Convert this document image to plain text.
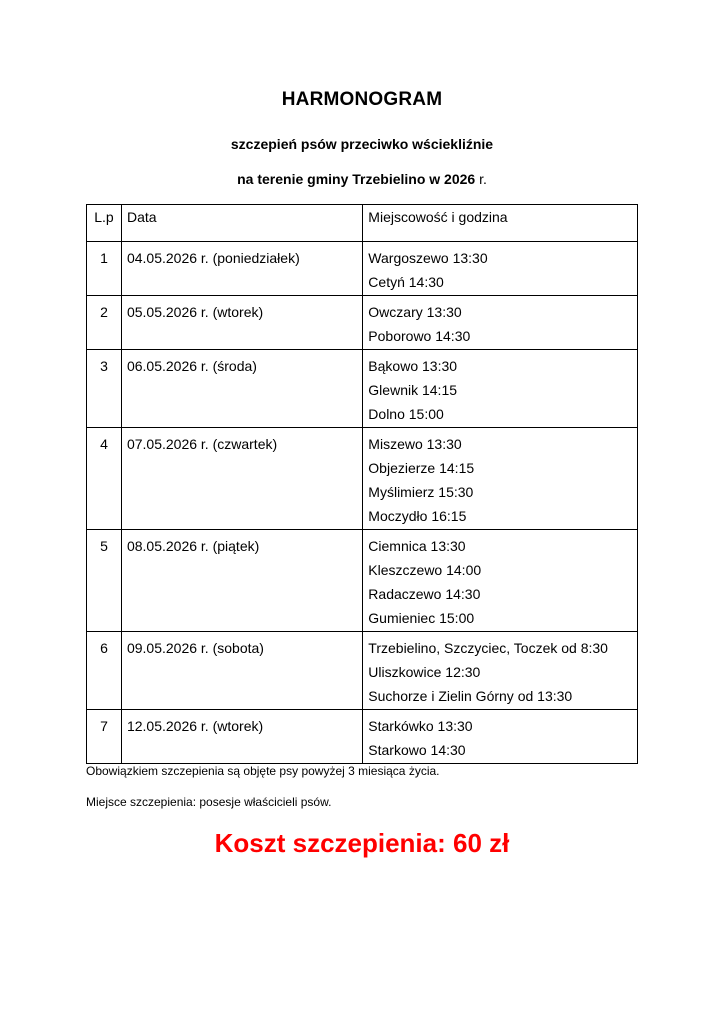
HARMONOGRAM
szczepień psów przeciwko wściekliźnie
na terenie gminy Trzebielino w 2026 r.
L.p	Data	Miejscowość i godzina

1	04.05.2026 r. (poniedziałek)	Wargoszewo 13:30
Cetyń 14:30

2	05.05.2026 r. (wtorek)	Owczary 13:30
Poborowo 14:30

3	06.05.2026 r. (środa)	Bąkowo 13:30
Glewnik 14:15
Dolno 15:00

4	07.05.2026 r. (czwartek)	Miszewo 13:30
Objezierze 14:15
Myślimierz 15:30
Moczydło 16:15

5	08.05.2026 r. (piątek)	Ciemnica 13:30
Kleszczewo 14:00
Radaczewo 14:30
Gumieniec 15:00

6	09.05.2026 r. (sobota)	Trzebielino, Szczyciec, Toczek od 8:30
Uliszkowice 12:30
Suchorze i Zielin Górny od 13:30

7	12.05.2026 r. (wtorek)	Starkówko 13:30
Starkowo 14:30
Obowiązkiem szczepienia są objęte psy powyżej 3 miesiąca życia.
Miejsce szczepienia: posesje właścicieli psów.
Koszt szczepienia: 60 zł
